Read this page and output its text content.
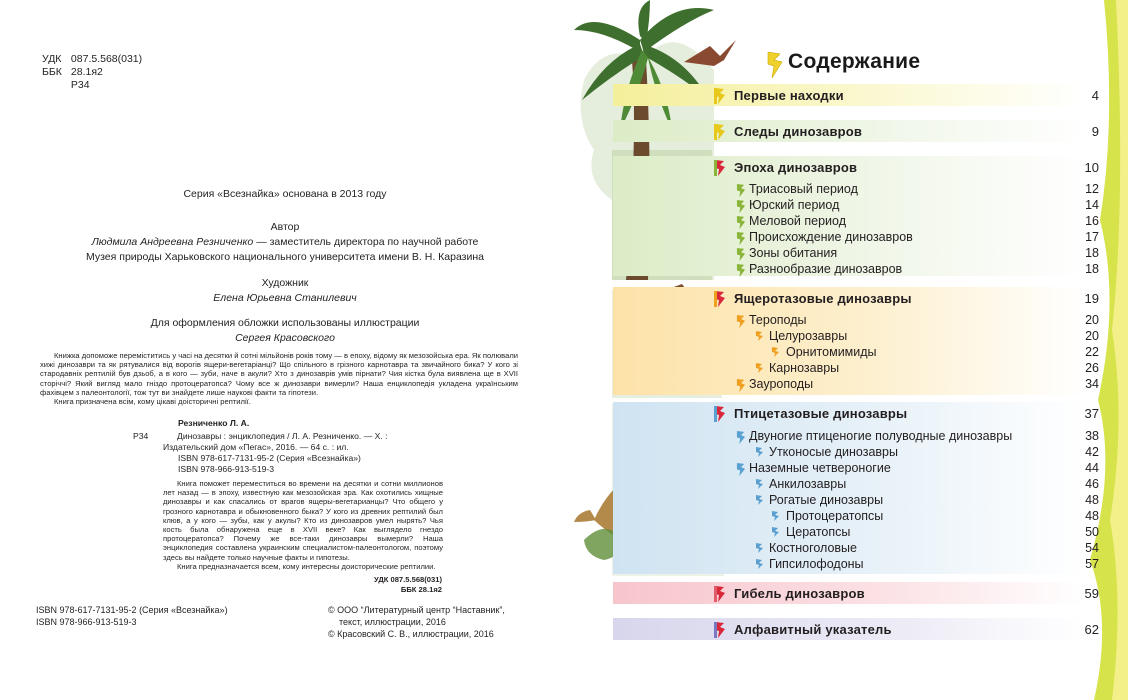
УДК 087.5.568(031)
ББК 28.1я2
Р34
Серия «Всезнайка» основана в 2013 году
Автор
Людмила Андреевна Резниченко — заместитель директора по научной работе
Музея природы Харьковского национального университета имени В. Н. Каразина
Художник
Елена Юрьевна Станилевич
Для оформления обложки использованы иллюстрации
Сергея Красовского

Книжка допоможе переміститись у часі на десятки й сотні мільйонів років тому — в епоху, відому як мезозойська ера. Як полювали хижі динозаври та як рятувалися від ворогів ящери-вегетаріанці? Що спільного в грізного карнотавра та звичайного бика? У кого зі стародавніх рептилій був дзьоб, а в кого — зуби, наче в акули? Хто з динозаврів умів пірнати? Чия кістка була виявлена ще в XVII сторіччі? Який вигляд мало гніздо протоцератопса? Чому все ж динозаври вимерли? Наша енциклопедія укладена українським фахівцем з палеонтології, тож тут ви знайдете лише наукові факти та гіпотези.

Книга призначена всім, кому цікаві доісторичні рептилії.

Резниченко Л. А.
Р34	Динозавры : энциклопедия / Л. А. Резниченко. — Х. : Издательский дом «Пегас», 2016. — 64 с. : ил.

ISBN 978-617-7131-95-2 (Серия «Всезнайка»)
ISBN 978-966-913-519-3

Книга поможет переместиться во времени на десятки и сотни миллионов лет назад — в эпоху, известную как мезозойская эра. Как охотились хищные динозавры и как спасались от врагов ящеры-вегетарианцы? Что общего у грозного карнотавра и обыкновенного быка? У кого из древних рептилий был клюв, а у кого — зубы, как у акулы? Кто из динозавров умел нырять? Чья кость была обнаружена еще в XVII веке? Как выглядело гнездо протоцератопса? Почему же все-таки динозавры вымерли? Наша энциклопедия составлена украинским специалистом-палеонтологом, поэтому здесь вы найдете только научные факты и гипотезы.

Книга предназначается всем, кому интересны доисторические рептилии.

УДК 087.5.568(031)
ББК 28.1я2
ISBN 978-617-7131-95-2 (Серия «Всезнайка»)
ISBN 978-966-913-519-3
© ООО “Литературный центр “Наставник”,
текст, иллюстрации, 2016
© Красовский С. В., иллюстрации, 2016
Содержание
Первые находки	4
Следы динозавров	9
Эпоха динозавров	10
Триасовый период	12
Юрский период	14
Меловой период	16
Происхождение динозавров	17
Зоны обитания	18
Разнообразие динозавров	18
Ящеротазовые динозавры	19
Тероподы	20
Целурозавры	20
Орнитомимиды	22
Карнозавры	26
Зауроподы	34
Птицетазовые динозавры	37
Двуногие птиценогие полуводные динозавры	38
Утконосые динозавры	42
Наземные четвероногие	44
Анкилозавры	46
Рогатые динозавры	48
Протоцератопсы	48
Цератопсы	50
Костноголовые	54
Гипсилофодоны	57
Гибель динозавров	59
Алфавитный указатель	62
